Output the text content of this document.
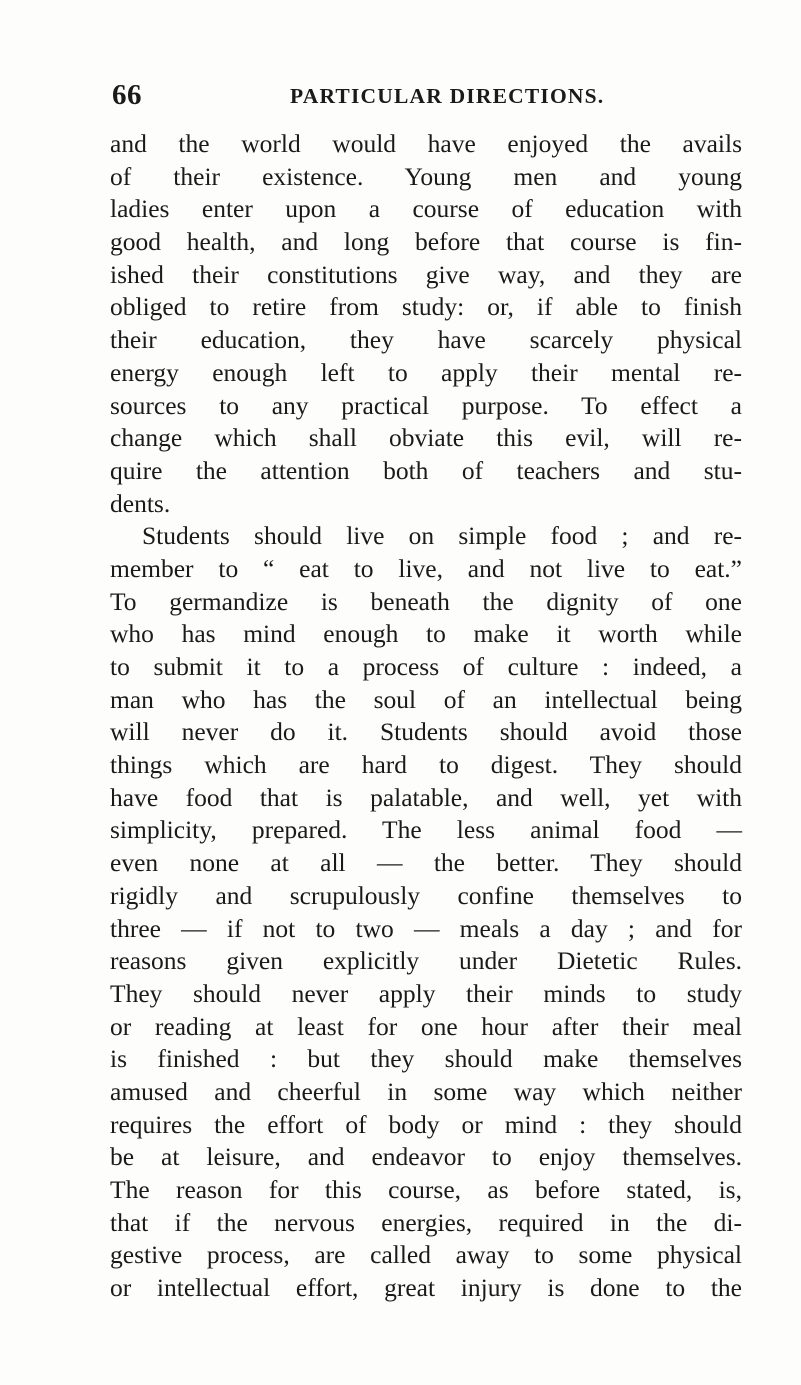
66	PARTICULAR DIRECTIONS.
and the world would have enjoyed the avails
of their existence. Young men and young
ladies enter upon a course of education with
good health, and long before that course is fin-
ished their constitutions give way, and they are
obliged to retire from study: or, if able to finish
their education, they have scarcely physical
energy enough left to apply their mental re-
sources to any practical purpose. To effect a
change which shall obviate this evil, will re-
quire the attention both of teachers and stu-
dents.
Students should live on simple food ; and re-
member to “ eat to live, and not live to eat.”
To germandize is beneath the dignity of one
who has mind enough to make it worth while
to submit it to a process of culture : indeed, a
man who has the soul of an intellectual being
will never do it. Students should avoid those
things which are hard to digest. They should
have food that is palatable, and well, yet with
simplicity, prepared. The less animal food —
even none at all — the better. They should
rigidly and scrupulously confine themselves to
three — if not to two — meals a day ; and for
reasons given explicitly under Dietetic Rules.
They should never apply their minds to study
or reading at least for one hour after their meal
is finished : but they should make themselves
amused and cheerful in some way which neither
requires the effort of body or mind : they should
be at leisure, and endeavor to enjoy themselves.
The reason for this course, as before stated, is,
that if the nervous energies, required in the di-
gestive process, are called away to some physical
or intellectual effort, great injury is done to the
